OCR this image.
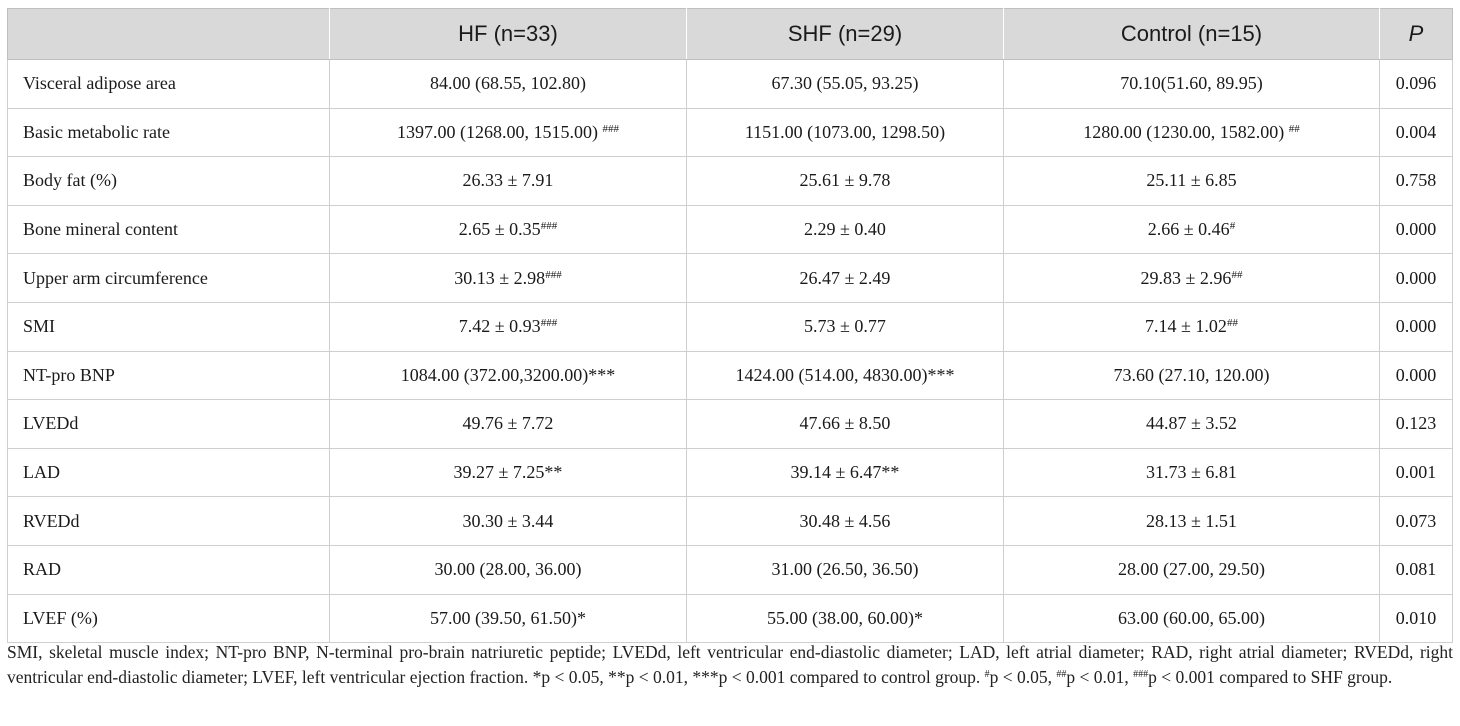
	HF (n=33)	SHF (n=29)	Control (n=15)	P
Visceral adipose area	84.00 (68.55, 102.80)	67.30 (55.05, 93.25)	70.10(51.60, 89.95)	0.096
Basic metabolic rate	1397.00 (1268.00, 1515.00) ###	1151.00 (1073.00, 1298.50)	1280.00 (1230.00, 1582.00) ##	0.004
Body fat (%)	26.33 ± 7.91	25.61 ± 9.78	25.11 ± 6.85	0.758
Bone mineral content	2.65 ± 0.35###	2.29 ± 0.40	2.66 ± 0.46#	0.000
Upper arm circumference	30.13 ± 2.98###	26.47 ± 2.49	29.83 ± 2.96##	0.000
SMI	7.42 ± 0.93###	5.73 ± 0.77	7.14 ± 1.02##	0.000
NT-pro BNP	1084.00 (372.00,3200.00)***	1424.00 (514.00, 4830.00)***	73.60 (27.10, 120.00)	0.000
LVEDd	49.76 ± 7.72	47.66 ± 8.50	44.87 ± 3.52	0.123
LAD	39.27 ± 7.25**	39.14 ± 6.47**	31.73 ± 6.81	0.001
RVEDd	30.30 ± 3.44	30.48 ± 4.56	28.13 ± 1.51	0.073
RAD	30.00 (28.00, 36.00)	31.00 (26.50, 36.50)	28.00 (27.00, 29.50)	0.081
LVEF (%)	57.00 (39.50, 61.50)*	55.00 (38.00, 60.00)*	63.00 (60.00, 65.00)	0.010
SMI, skeletal muscle index; NT-pro BNP, N-terminal pro-brain natriuretic peptide; LVEDd, left ventricular end-diastolic diameter; LAD, left atrial diameter; RAD, right atrial diameter; RVEDd, right ventricular end-diastolic diameter; LVEF, left ventricular ejection fraction. *p < 0.05, **p < 0.01, ***p < 0.001 compared to control group. #p < 0.05, ##p < 0.01, ###p < 0.001 compared to SHF group.
